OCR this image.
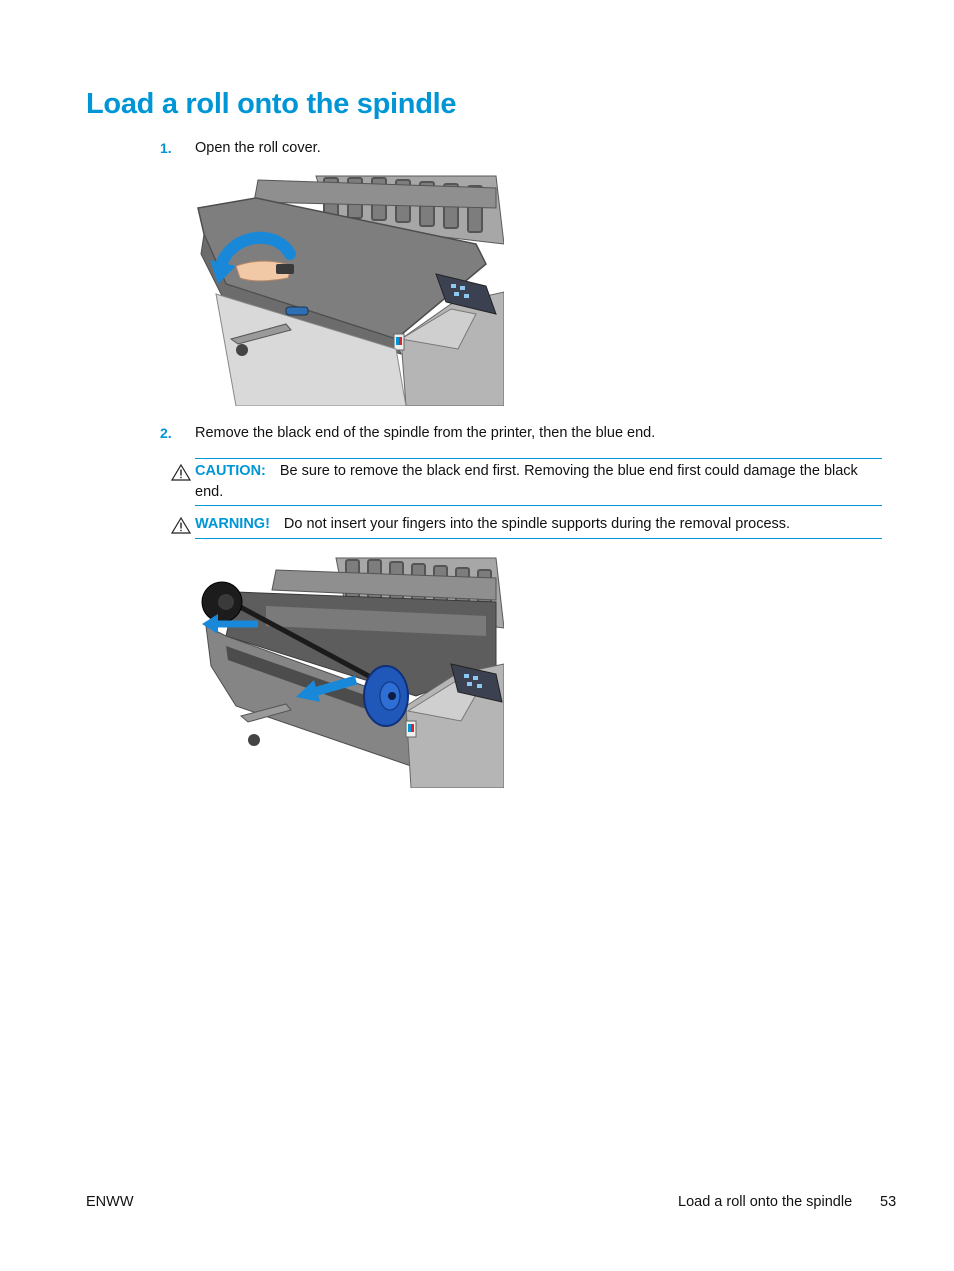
Load a roll onto the spindle
1. Open the roll cover.
2. Remove the black end of the spindle from the printer, then the blue end.
CAUTION: Be sure to remove the black end first. Removing the blue end first could damage the black end.
WARNING! Do not insert your fingers into the spindle supports during the removal process.
ENWW	Load a roll onto the spindle 53
